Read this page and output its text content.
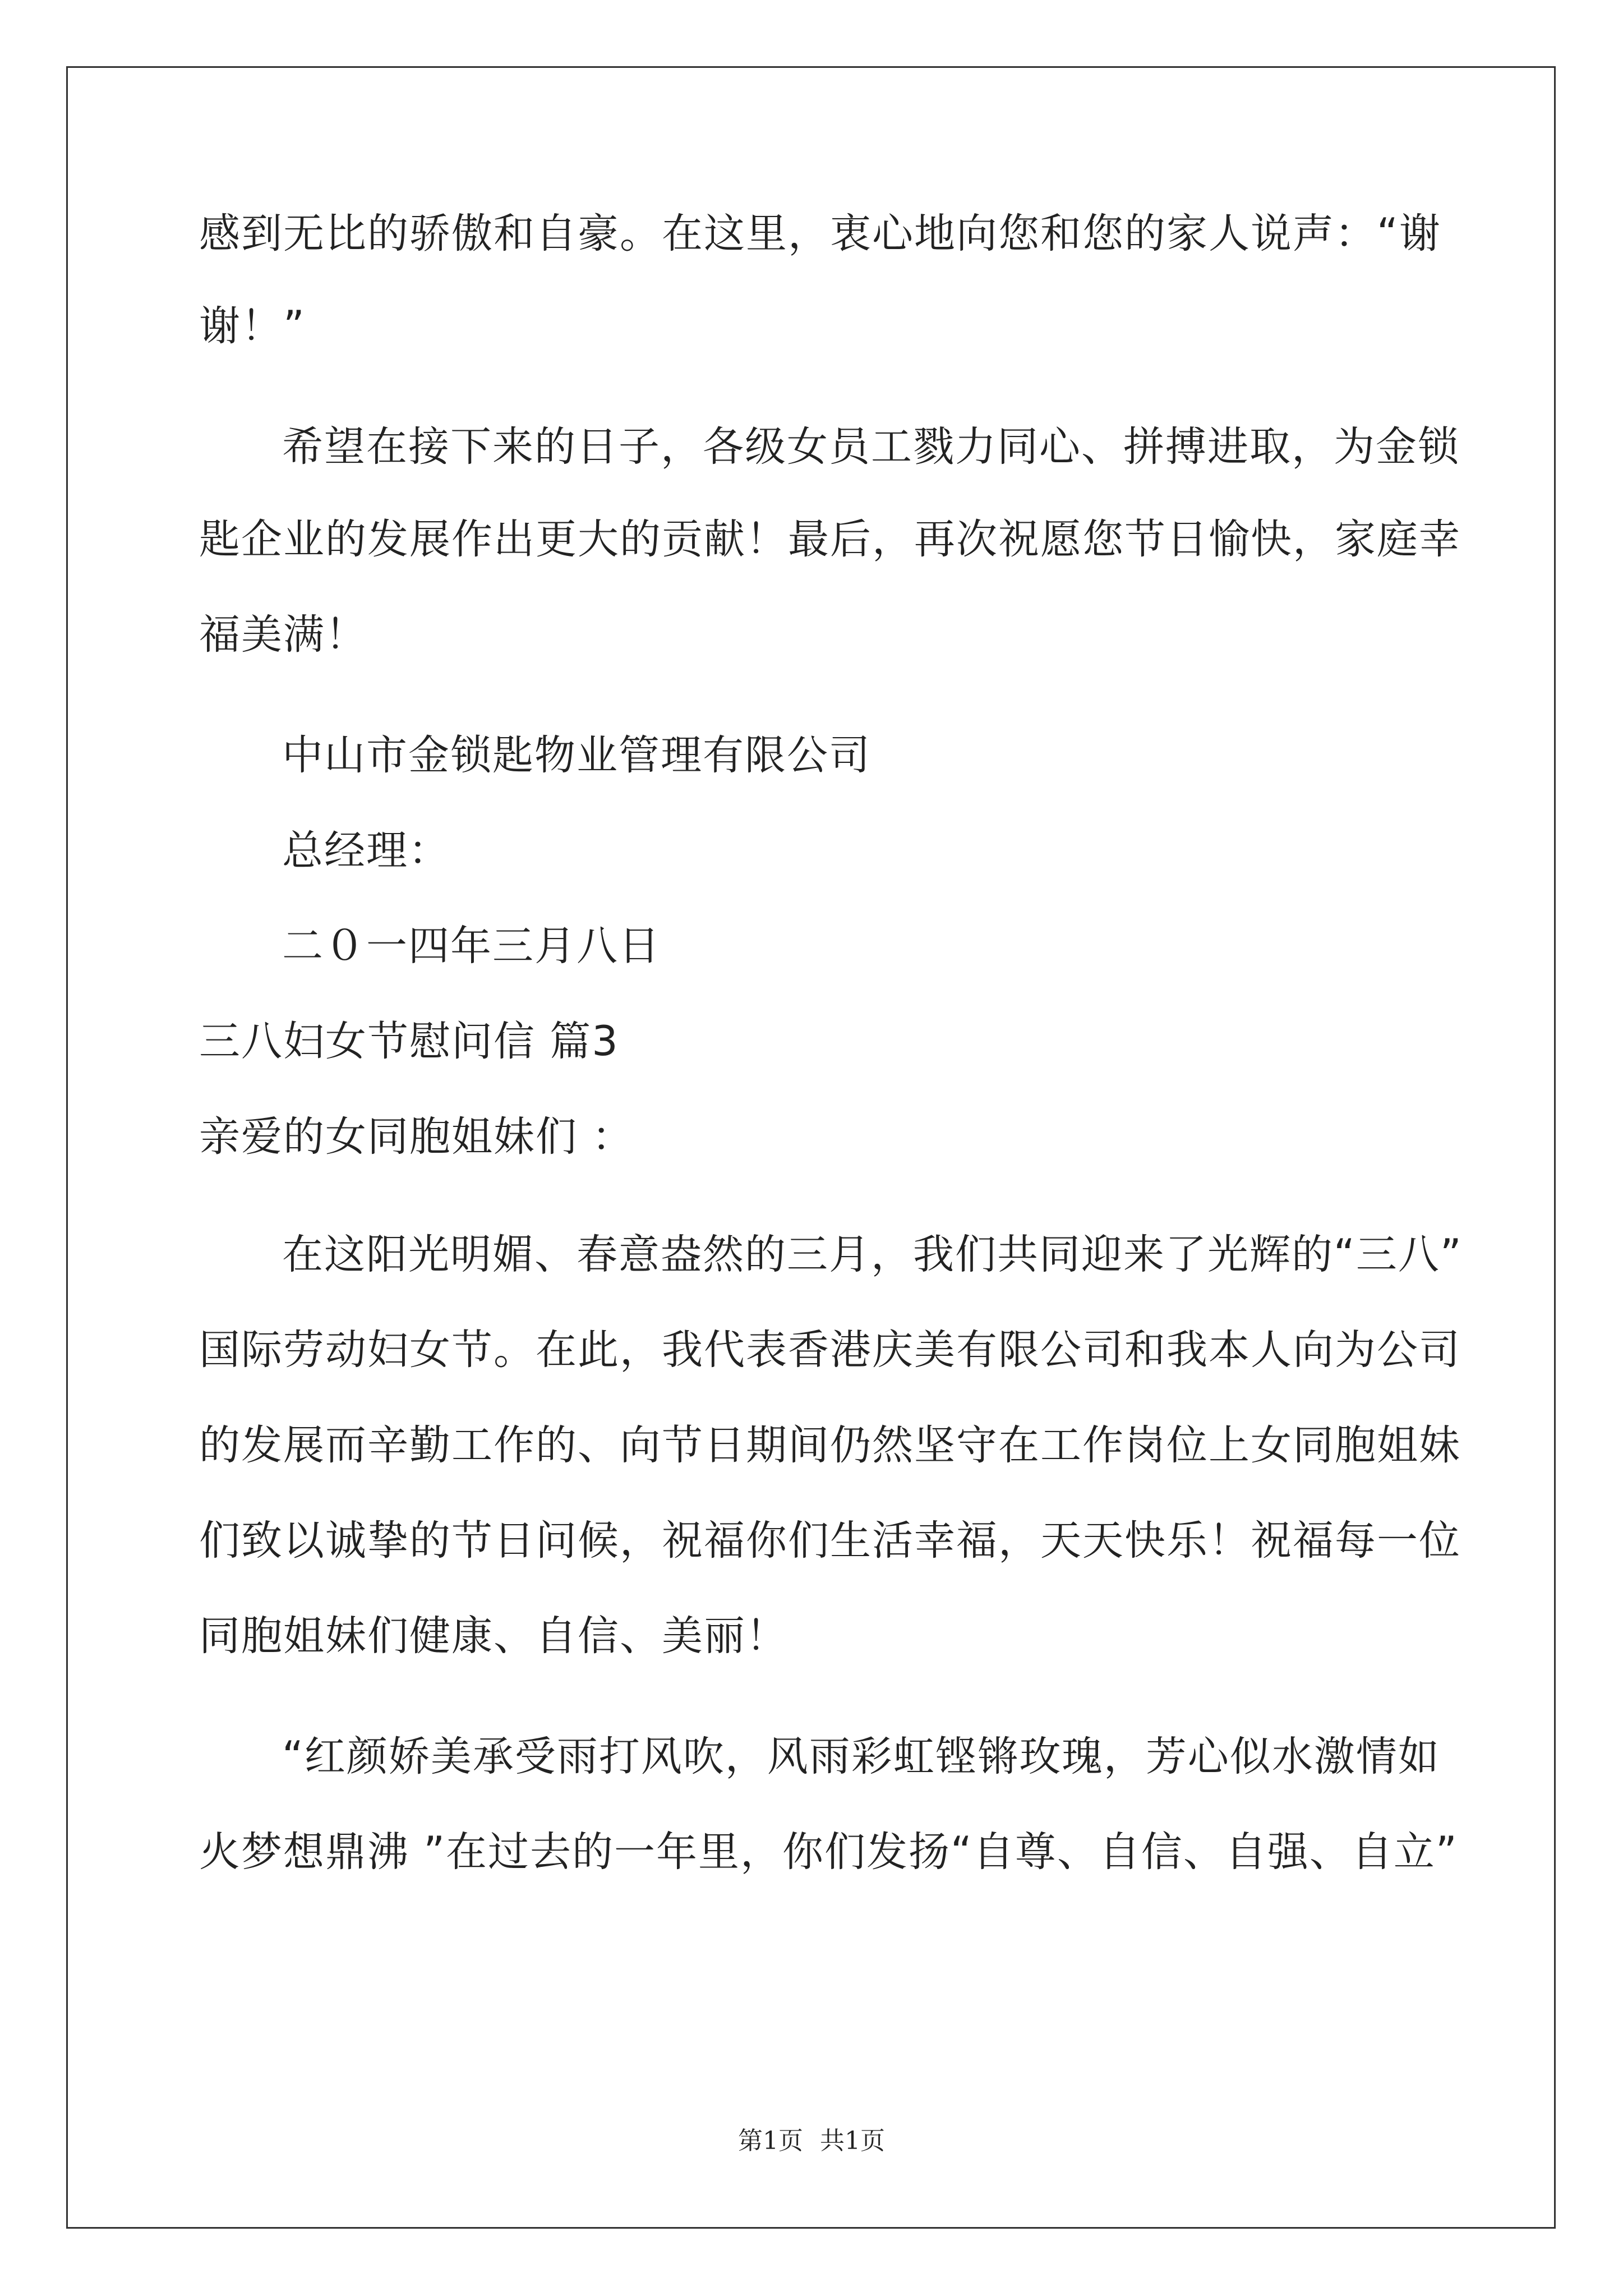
感到无比的骄傲和自豪。在这里，衷心地向您和您的家人说声：“谢
谢！”
希望在接下来的日子，各级女员工戮力同心、拼搏进取，为金锁
匙企业的发展作出更大的贡献！最后，再次祝愿您节日愉快，家庭幸
福美满！
中山市金锁匙物业管理有限公司
总经理：
二０一四年三月八日
三八妇女节慰问信 篇3
亲爱的女同胞姐妹们 ：
在这阳光明媚、春意盎然的三月，我们共同迎来了光辉的“三八”
国际劳动妇女节。在此，我代表香港庆美有限公司和我本人向为公司
的发展而辛勤工作的、向节日期间仍然坚守在工作岗位上女同胞姐妹
们致以诚挚的节日问候，祝福你们生活幸福，天天快乐！祝福每一位
同胞姐妹们健康、自信、美丽！
“红颜娇美承受雨打风吹，风雨彩虹铿锵玫瑰，芳心似水激情如
火梦想鼎沸 ”在过去的一年里，你们发扬“自尊、自信、自强、自立”
第1页 共1页
